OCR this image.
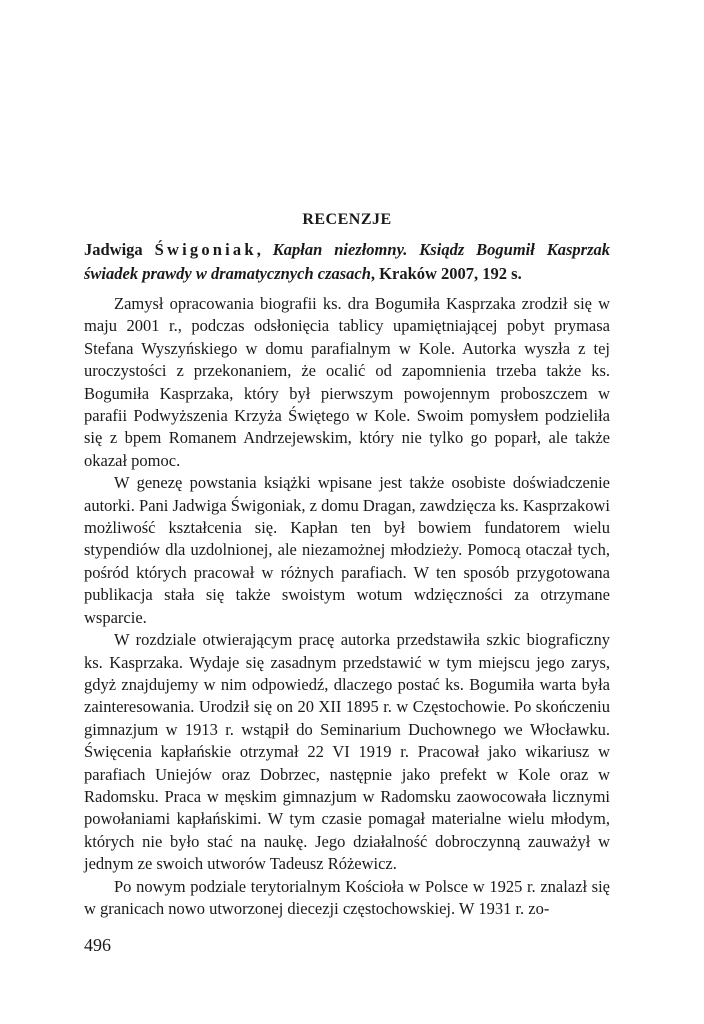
RECENZJE
Jadwiga Świgoniak, Kapłan niezłomny. Ksiądz Bogumił Kasprzak świadek prawdy w dramatycznych czasach, Kraków 2007, 192 s.

Zamysł opracowania biografii ks. dra Bogumiła Kasprzaka zrodził się w maju 2001 r., podczas odsłonięcia tablicy upamiętniającej pobyt prymasa Stefana Wyszyńskiego w domu parafialnym w Kole. Autorka wyszła z tej uroczystości z przekonaniem, że ocalić od zapomnienia trzeba także ks. Bogumiła Kasprzaka, który był pierwszym powojennym proboszczem w parafii Podwyższenia Krzyża Świętego w Kole. Swoim pomysłem podzieliła się z bpem Romanem Andrzejewskim, który nie tylko go poparł, ale także okazał pomoc.

W genezę powstania książki wpisane jest także osobiste doświadczenie autorki. Pani Jadwiga Świgoniak, z domu Dragan, zawdzięcza ks. Kasprzakowi możliwość kształcenia się. Kapłan ten był bowiem fundatorem wielu stypendiów dla uzdolnionej, ale niezamożnej młodzieży. Pomocą otaczał tych, pośród których pracował w różnych parafiach. W ten sposób przygotowana publikacja stała się także swoistym wotum wdzięczności za otrzymane wsparcie.

W rozdziale otwierającym pracę autorka przedstawiła szkic biograficzny ks. Kasprzaka. Wydaje się zasadnym przedstawić w tym miejscu jego zarys, gdyż znajdujemy w nim odpowiedź, dlaczego postać ks. Bogumiła warta była zainteresowania. Urodził się on 20 XII 1895 r. w Częstochowie. Po skończeniu gimnazjum w 1913 r. wstąpił do Seminarium Duchownego we Włocławku. Święcenia kapłańskie otrzymał 22 VI 1919 r. Pracował jako wikariusz w parafiach Uniejów oraz Dobrzec, następnie jako prefekt w Kole oraz w Radomsku. Praca w męskim gimnazjum w Radomsku zaowocowała licznymi powołaniami kapłańskimi. W tym czasie pomagał materialne wielu młodym, których nie było stać na naukę. Jego działalność dobroczynną zauważył w jednym ze swoich utworów Tadeusz Różewicz.

Po nowym podziale terytorialnym Kościoła w Polsce w 1925 r. znalazł się w granicach nowo utworzonej diecezji częstochowskiej. W 1931 r. zo-

496
